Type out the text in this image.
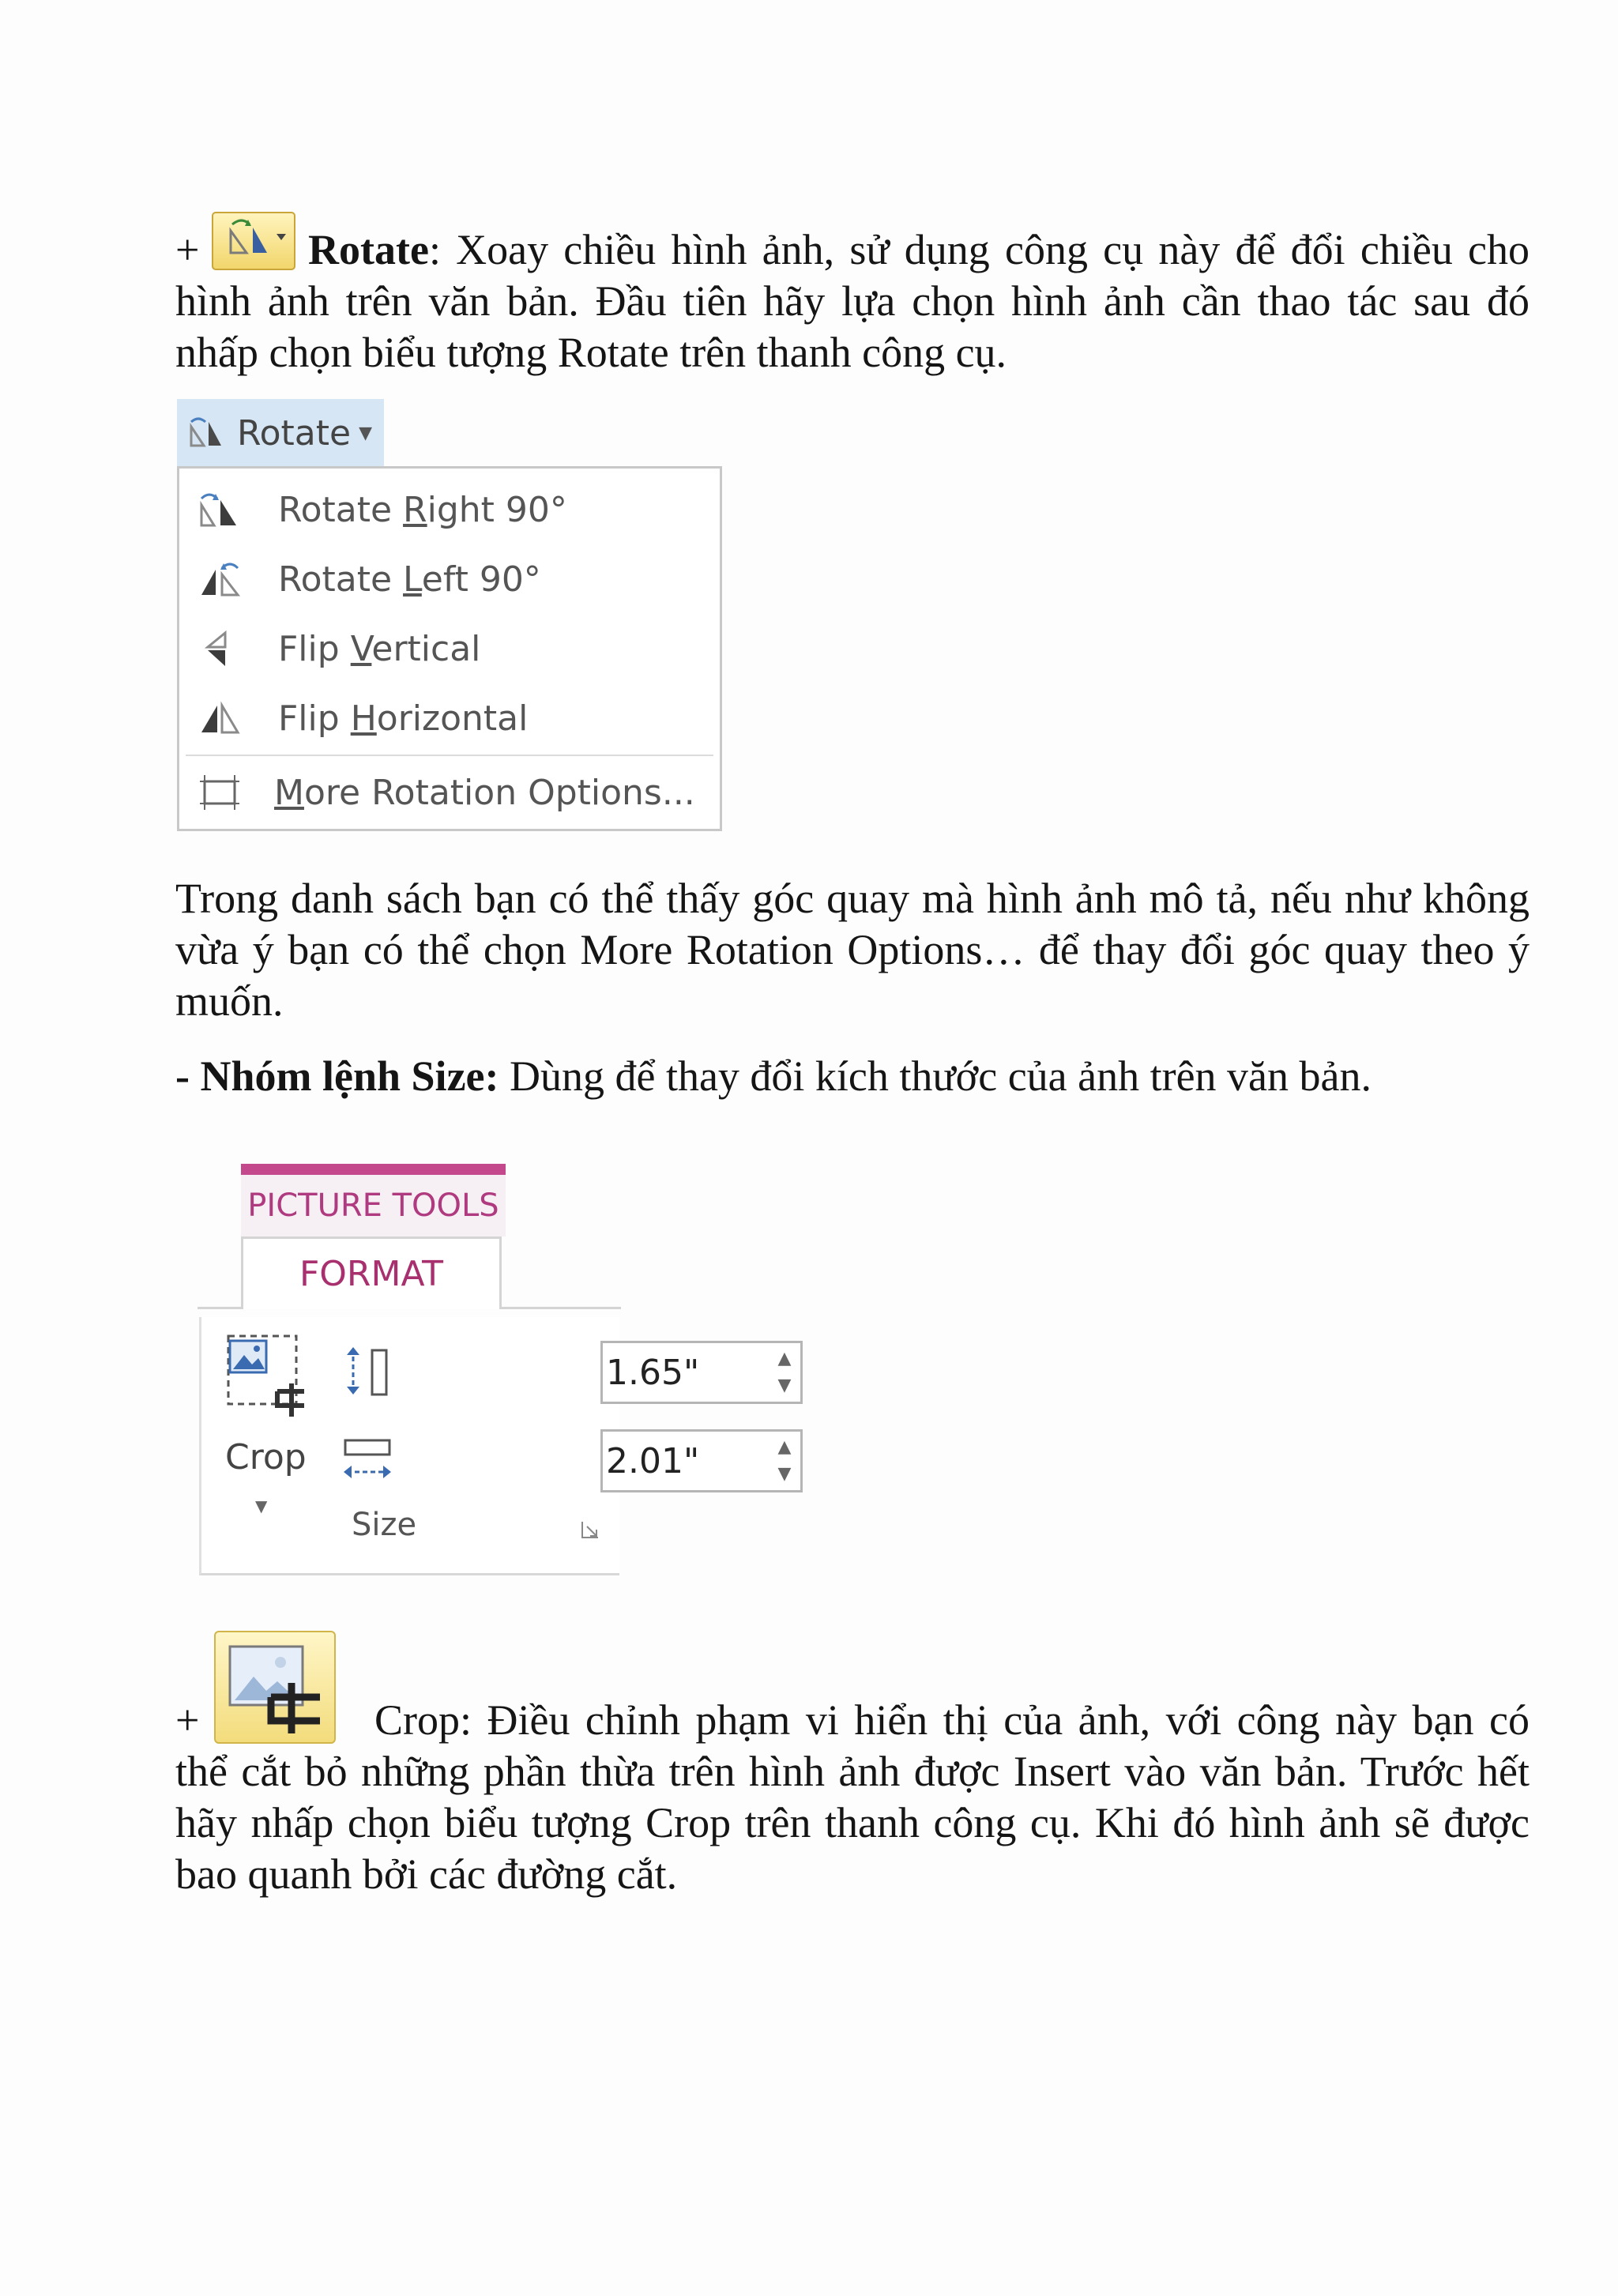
+	Rotate: Xoay chiều hình ảnh, sử dụng công cụ này để đổi chiều cho hình ảnh trên văn bản. Đầu tiên hãy lựa chọn hình ảnh cần thao tác sau đó nhấp chọn biểu tượng Rotate trên thanh công cụ.
Rotate ▼
Rotate Right 90°
Rotate Left 90°
Flip Vertical
Flip Horizontal
More Rotation Options...
Trong danh sách bạn có thể thấy góc quay mà hình ảnh mô tả, nếu như không vừa ý bạn có thể chọn More Rotation Options… để thay đổi góc quay theo ý muốn.
- Nhóm lệnh Size: Dùng để thay đổi kích thước của ảnh trên văn bản.
PICTURE TOOLS
FORMAT
Crop
▼
1.65"	▲
▼
2.01"	▲
▼
Size
+	Crop: Điều chỉnh phạm vi hiển thị của ảnh, với công này bạn có thể cắt bỏ những phần thừa trên hình ảnh được Insert vào văn bản. Trước hết hãy nhấp chọn biểu tượng Crop trên thanh công cụ. Khi đó hình ảnh sẽ được bao quanh bởi các đường cắt.
